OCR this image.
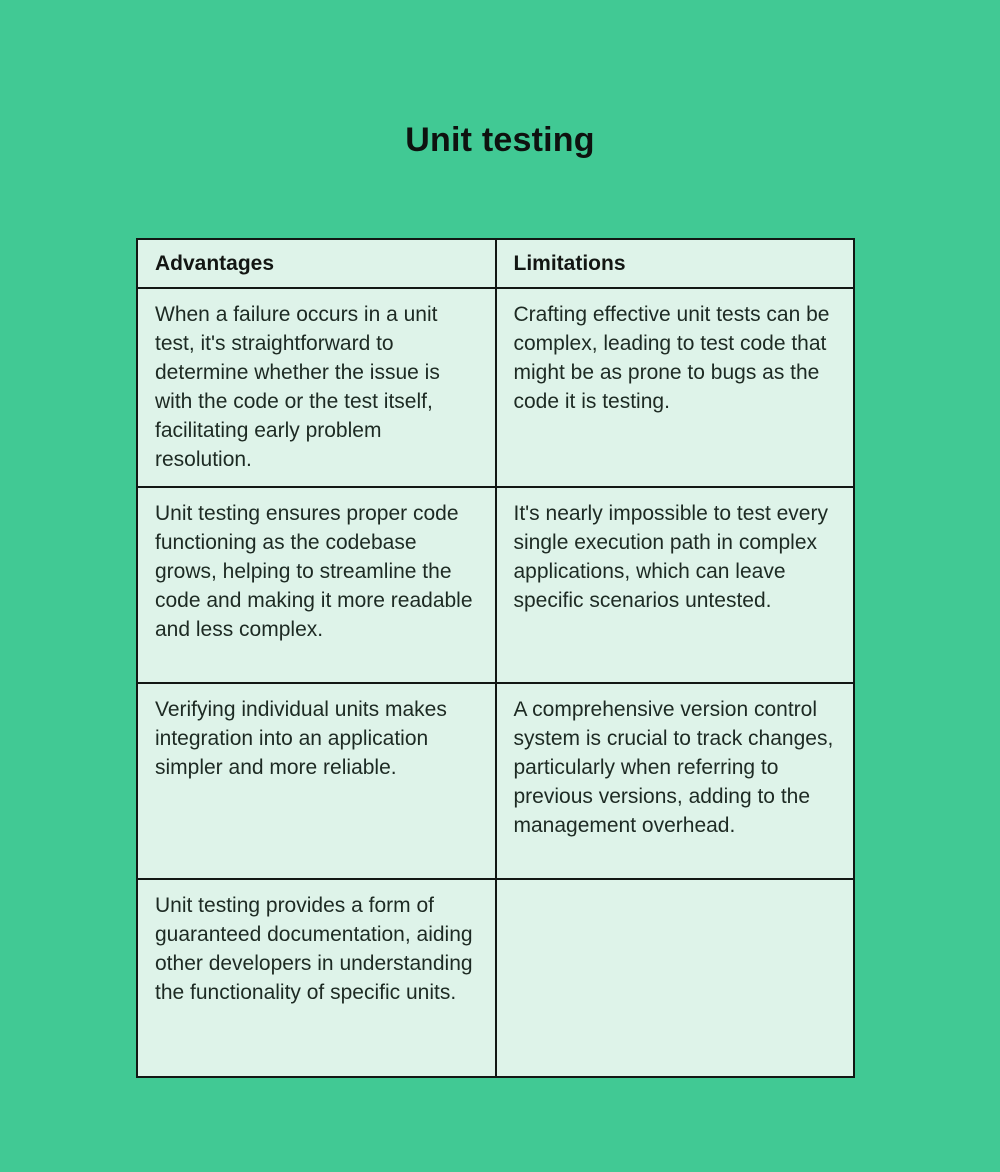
Unit testing
Advantages	Limitations
When a failure occurs in a unit test, it's straightforward to determine whether the issue is with the code or the test itself, facilitating early problem resolution.	Crafting effective unit tests can be complex, leading to test code that might be as prone to bugs as the code it is testing.
Unit testing ensures proper code functioning as the codebase grows, helping to streamline the code and making it more readable and less complex.	It's nearly impossible to test every single execution path in complex applications, which can leave specific scenarios untested.
Verifying individual units makes integration into an application simpler and more reliable.	A comprehensive version control system is crucial to track changes, particularly when referring to previous versions, adding to the management overhead.
Unit testing provides a form of guaranteed documentation, aiding other developers in understanding the functionality of specific units.	
